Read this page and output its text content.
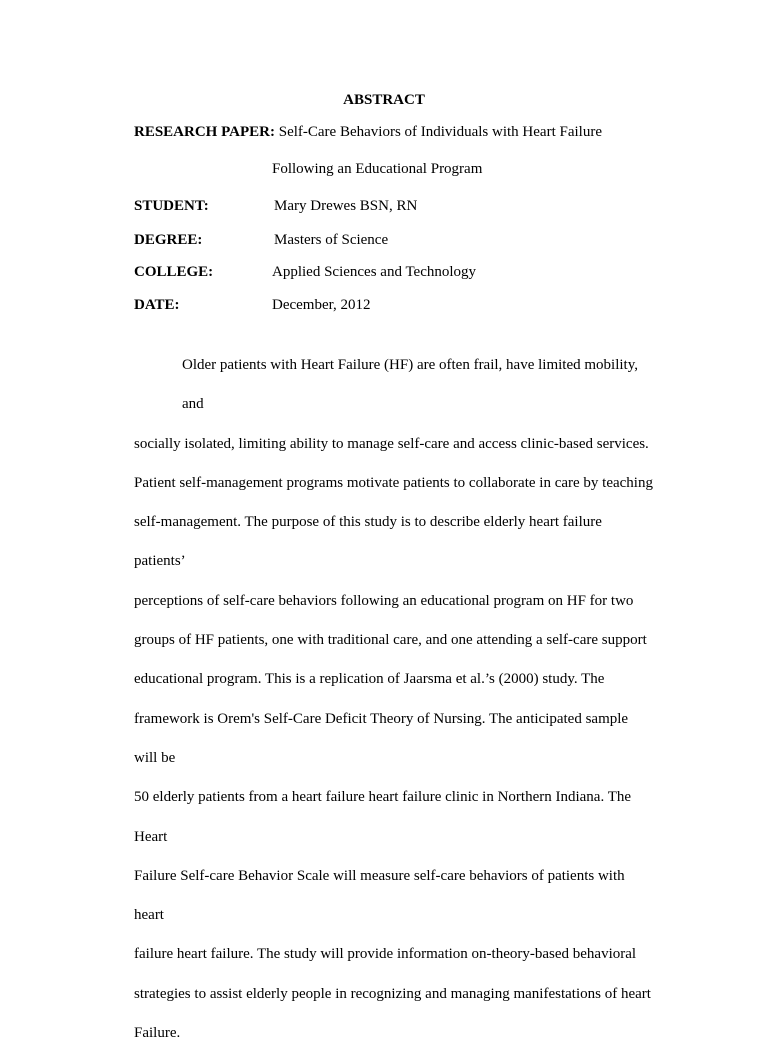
ABSTRACT
RESEARCH PAPER: Self-Care Behaviors of Individuals with Heart Failure
Following an Educational Program
STUDENT:	Mary Drewes BSN, RN
DEGREE:	Masters of Science
COLLEGE:	Applied Sciences and Technology
DATE:	December, 2012

Older patients with Heart Failure (HF) are often frail, have limited mobility, and

socially isolated, limiting ability to manage self-care and access clinic-based services.

Patient self-management programs motivate patients to collaborate in care by teaching

self-management. The purpose of this study is to describe elderly heart failure patients’

perceptions of self-care behaviors following an educational program on HF for two

groups of HF patients, one with traditional care, and one attending a self-care support

educational program. This is a replication of Jaarsma et al.’s (2000) study. The

framework is Orem's Self-Care Deficit Theory of Nursing. The anticipated sample will be

50 elderly patients from a heart failure heart failure clinic in Northern Indiana. The Heart

Failure Self-care Behavior Scale will measure self-care behaviors of patients with heart

failure heart failure. The study will provide information on-theory-based behavioral

strategies to assist elderly people in recognizing and managing manifestations of heart

Failure.
